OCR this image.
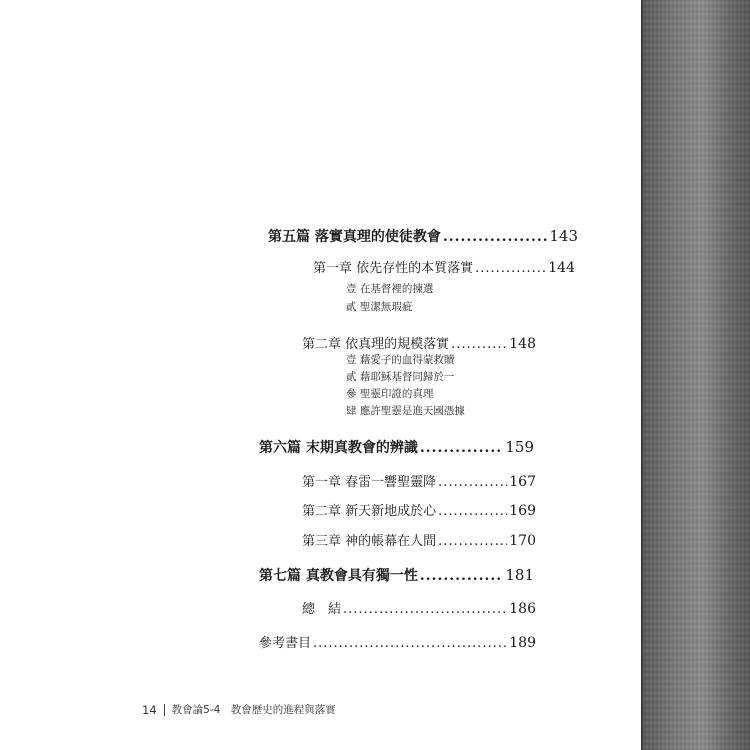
第五篇 落實真理的使徒教會 .....	143
第一章 依先存性的本質落實 .....	144
壹 在基督裡的揀選
貳 聖潔無瑕疵
第二章 依真理的規模落實 .....	148
壹 藉愛子的血得蒙救贖
貳 藉耶穌基督同歸於一
參 聖靈印證的真理
肆 應許聖靈是進天國憑據
第六篇 末期真教會的辨識 .....	159
第一章 春雷一響聖靈降 .....	167
第二章 新天新地成於心 .....	169
第三章 神的帳幕在人間 .....	170
第七篇 真教會具有獨一性 .....	181
總　結 .....	186
參考書目 .....	189
14 教會論5-4　教會歷史的進程與落實
